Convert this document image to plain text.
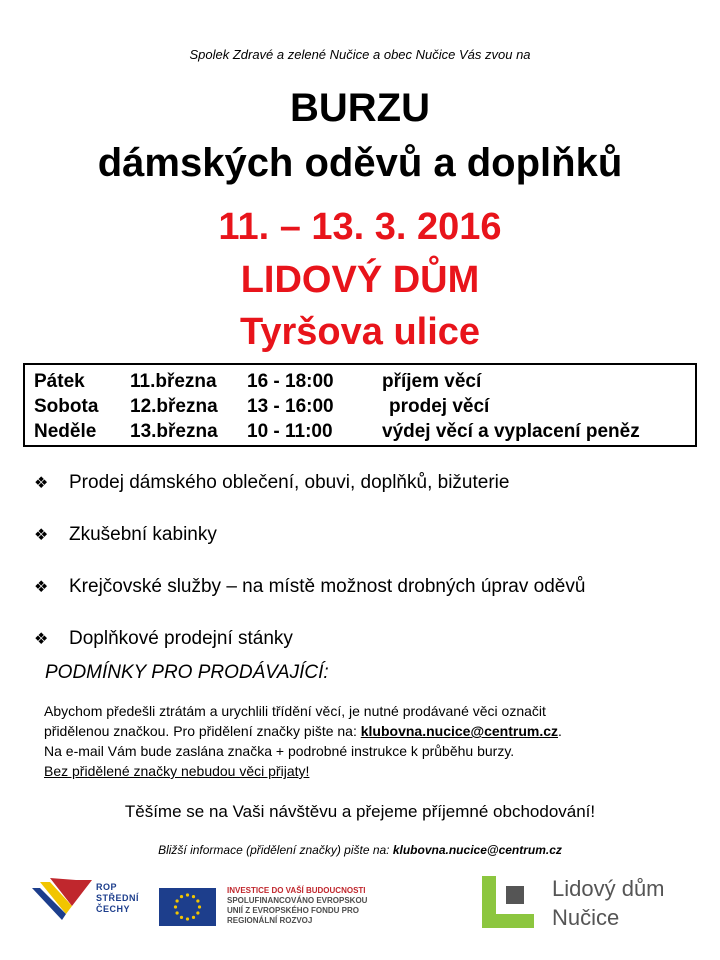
Spolek Zdravé a zelené Nučice a obec Nučice Vás zvou na
BURZU
dámských oděvů a doplňků
11. – 13. 3. 2016
LIDOVÝ DŮM
Tyršova ulice
Pátek 11.března 16 - 18:00	příjem věcí
Sobota 12.března 13 - 16:00	prodej věcí
Neděle 13.března 10 - 11:00	výdej věcí a vyplacení peněz
❖ Prodej dámského oblečení, obuvi, doplňků, bižuterie
❖ Zkušební kabinky
❖ Krejčovské služby – na místě možnost drobných úprav oděvů
❖ Doplňkové prodejní stánky
PODMÍNKY PRO PRODÁVAJÍCÍ:
Abychom předešli ztrátám a urychlili třídění věcí, je nutné prodávané věci označit
přidělenou značkou. Pro přidělení značky pište na: klubovna.nucice@centrum.cz.
Na e-mail Vám bude zaslána značka + podrobné instrukce k průběhu burzy.
Bez přidělené značky nebudou věci přijaty!
Těšíme se na Vaši návštěvu a přejeme příjemné obchodování!
Bližší informace (přidělení značky) pište na: klubovna.nucice@centrum.cz
ROP
STŘEDNÍ
ČECHY
INVESTICE DO VAŠÍ BUDOUCNOSTI
SPOLUFINANCOVÁNO EVROPSKOU
UNIÍ Z EVROPSKÉHO FONDU PRO
REGIONÁLNÍ ROZVOJ
Lidový dům
Nučice
